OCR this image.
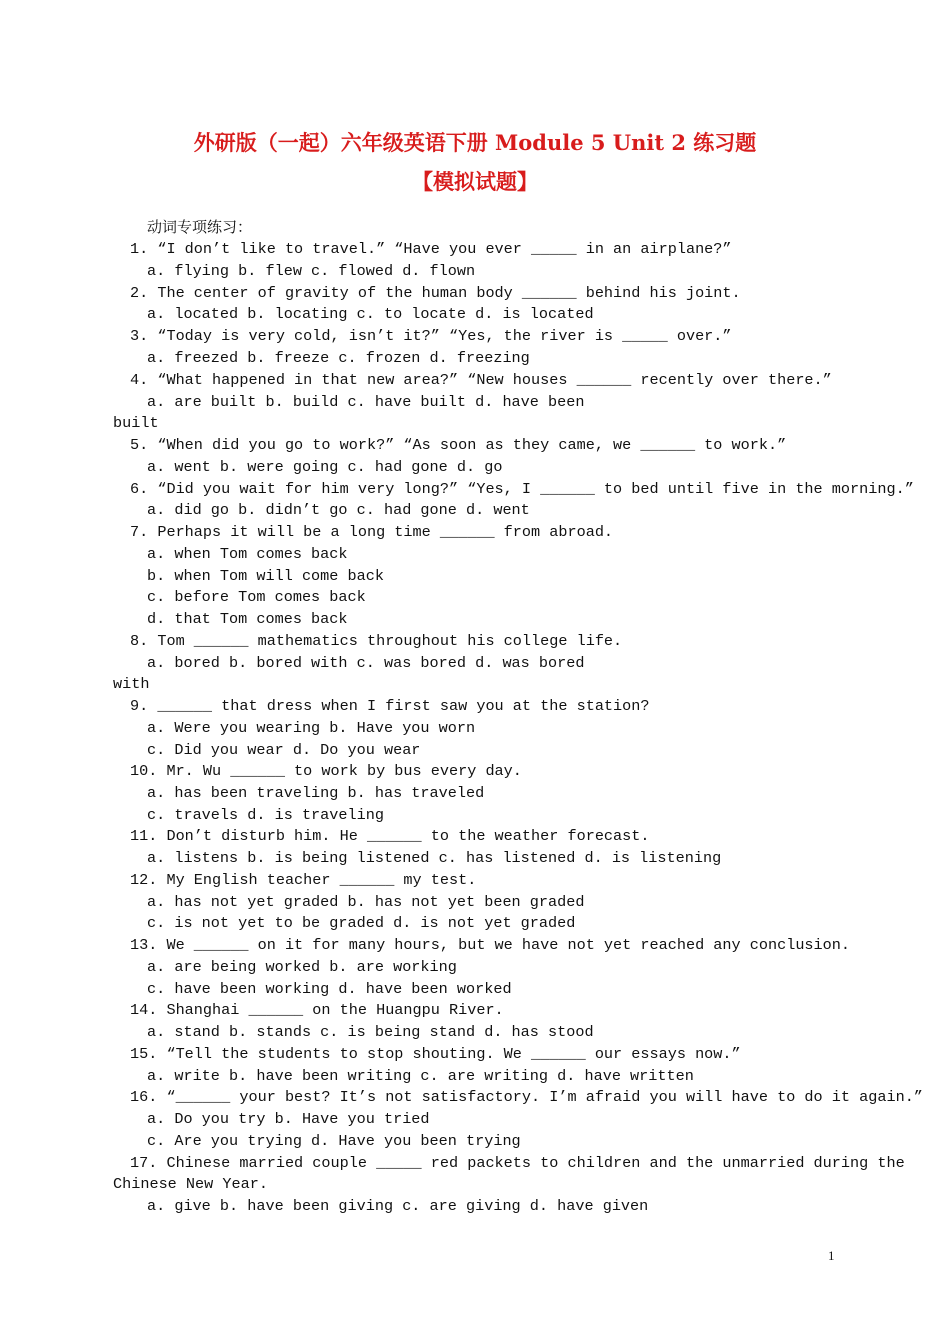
外研版（一起）六年级英语下册 Module 5 Unit 2 练习题
【模拟试题】
动词专项练习：
1. “I don’t like to travel.” “Have you ever _____ in an airplane?”
a. flying b. flew c. flowed d. flown
2. The center of gravity of the human body ______ behind his joint.
a. located b. locating c. to locate d. is located
3. “Today is very cold, isn’t it?” “Yes, the river is _____ over.”
a. freezed b. freeze c. frozen d. freezing
4. “What happened in that new area?” “New houses ______ recently over there.”
a. are built b. build c. have built d. have been
built
5. “When did you go to work?” “As soon as they came, we ______ to work.”
a. went b. were going c. had gone d. go
6. “Did you wait for him very long?” “Yes, I ______ to bed until five in the morning.”
a. did go b. didn’t go c. had gone d. went
7. Perhaps it will be a long time ______ from abroad.
a. when Tom comes back
b. when Tom will come back
c. before Tom comes back
d. that Tom comes back
8. Tom ______ mathematics throughout his college life.
a. bored b. bored with c. was bored d. was bored
with
9. ______ that dress when I first saw you at the station?
a. Were you wearing b. Have you worn
c. Did you wear d. Do you wear
10. Mr. Wu ______ to work by bus every day.
a. has been traveling b. has traveled
c. travels d. is traveling
11. Don’t disturb him. He ______ to the weather forecast.
a. listens b. is being listened c. has listened d. is listening
12. My English teacher ______ my test.
a. has not yet graded b. has not yet been graded
c. is not yet to be graded d. is not yet graded
13. We ______ on it for many hours, but we have not yet reached any conclusion.
a. are being worked b. are working
c. have been working d. have been worked
14. Shanghai ______ on the Huangpu River.
a. stand b. stands c. is being stand d. has stood
15. “Tell the students to stop shouting. We ______ our essays now.”
a. write b. have been writing c. are writing d. have written
16. “______ your best? It’s not satisfactory. I’m afraid you will have to do it again.”
a. Do you try b. Have you tried
c. Are you trying d. Have you been trying
17. Chinese married couple _____ red packets to children and the unmarried during the
Chinese New Year.
a. give b. have been giving c. are giving d. have given
1
